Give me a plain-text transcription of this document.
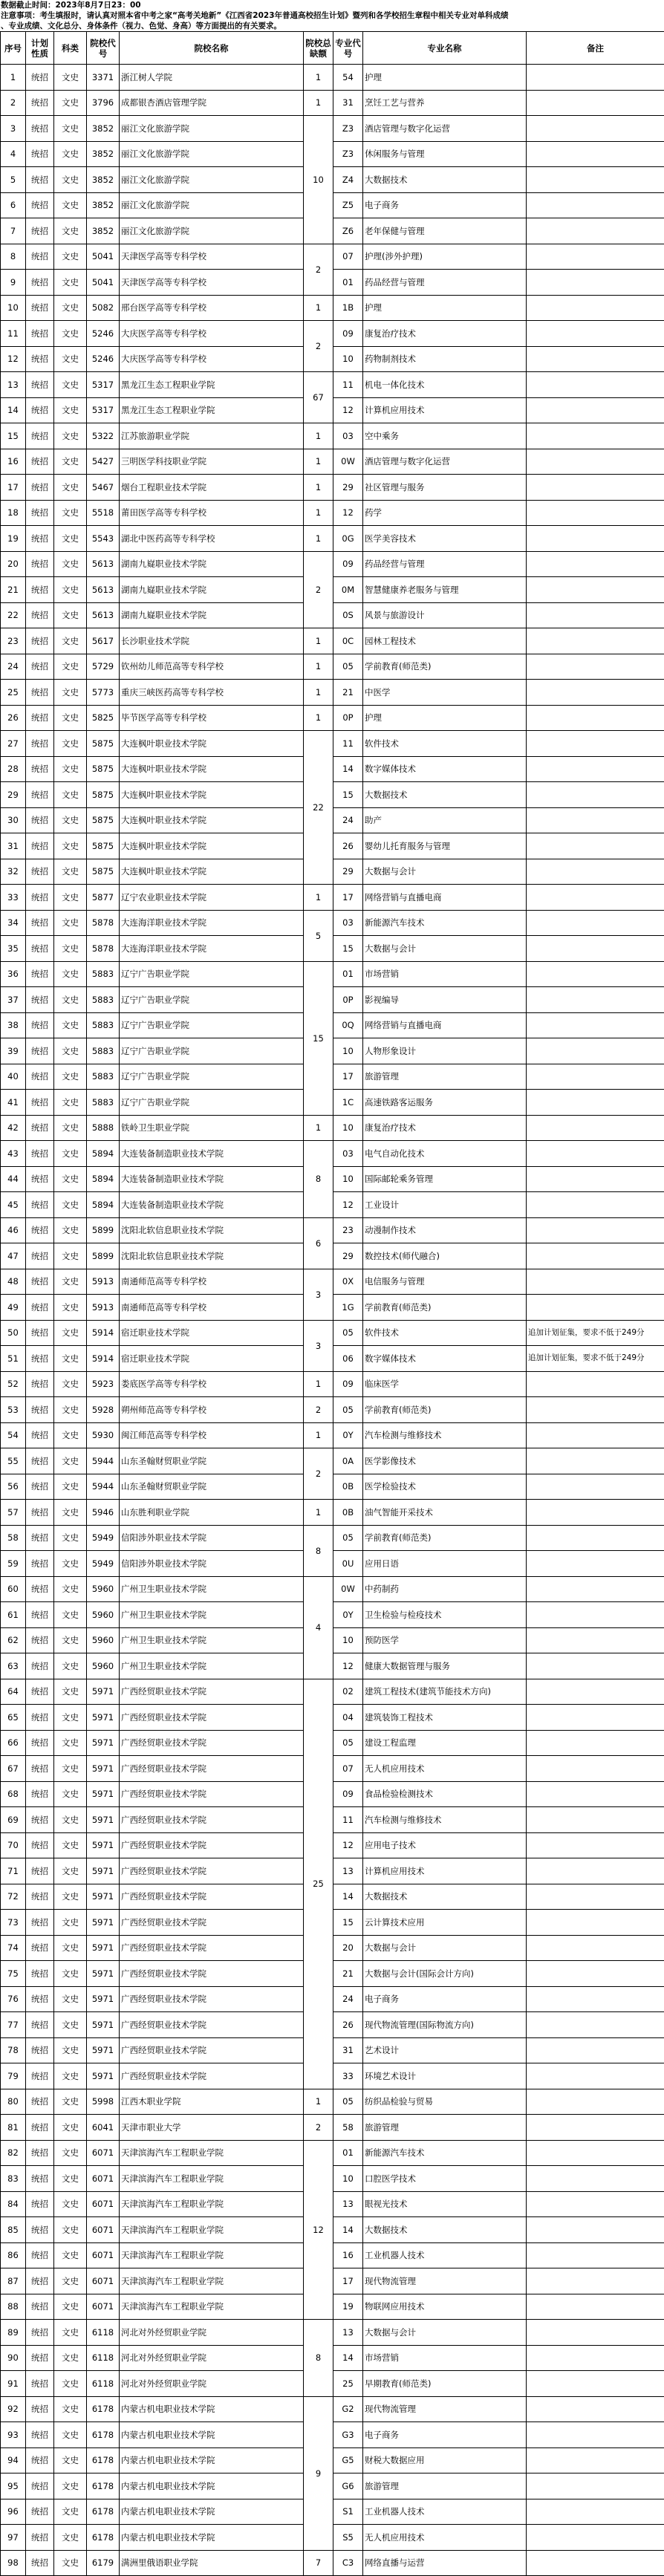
数据截止时间：2023年8月7日23：00
注意事项：考生填报时，请认真对照本省中考之家“高考关地新”《江西省2023年普通高校招生计划》暨列和各学校招生章程中相关专业对单科成绩
、专业成绩、文化总分、身体条件（视力、色觉、身高）等方面提出的有关要求。
序号	计划性质	科类	院校代号	院校名称	院校总缺额	专业代号	专业名称	备注
1	统招	文史	3371	浙江树人学院	1	54	护理	
2	统招	文史	3796	成都银杏酒店管理学院	1	31	烹饪工艺与营养	
3	统招	文史	3852	丽江文化旅游学院	10	Z3	酒店管理与数字化运营	
4	统招	文史	3852	丽江文化旅游学院		Z3	休闲服务与管理	
5	统招	文史	3852	丽江文化旅游学院		Z4	大数据技术	
6	统招	文史	3852	丽江文化旅游学院		Z5	电子商务	
7	统招	文史	3852	丽江文化旅游学院		Z6	老年保健与管理	
8	统招	文史	5041	天津医学高等专科学校	2	07	护理(涉外护理)	
9	统招	文史	5041	天津医学高等专科学校		01	药品经营与管理	
10	统招	文史	5082	邢台医学高等专科学校	1	1B	护理	
11	统招	文史	5246	大庆医学高等专科学校	2	09	康复治疗技术	
12	统招	文史	5246	大庆医学高等专科学校		10	药物制剂技术	
13	统招	文史	5317	黑龙江生态工程职业学院	67	11	机电一体化技术	
14	统招	文史	5317	黑龙江生态工程职业学院		12	计算机应用技术	
15	统招	文史	5322	江苏旅游职业学院	1	03	空中乘务	
16	统招	文史	5427	三明医学科技职业学院	1	0W	酒店管理与数字化运营	
17	统招	文史	5467	烟台工程职业技术学院	1	29	社区管理与服务	
18	统招	文史	5518	莆田医学高等专科学校	1	12	药学	
19	统招	文史	5543	湖北中医药高等专科学校	1	0G	医学美容技术	
20	统招	文史	5613	湖南九嶷职业技术学院	2	09	药品经营与管理	
21	统招	文史	5613	湖南九嶷职业技术学院		0M	智慧健康养老服务与管理	
22	统招	文史	5613	湖南九嶷职业技术学院		0S	风景与旅游设计	
23	统招	文史	5617	长沙职业技术学院	1	0C	园林工程技术	
24	统招	文史	5729	钦州幼儿师范高等专科学校	1	05	学前教育(师范类)	
25	统招	文史	5773	重庆三峡医药高等专科学校	1	21	中医学	
26	统招	文史	5825	毕节医学高等专科学校	1	0P	护理	
27	统招	文史	5875	大连枫叶职业技术学院	22	11	软件技术	
28	统招	文史	5875	大连枫叶职业技术学院		14	数字媒体技术	
29	统招	文史	5875	大连枫叶职业技术学院		15	大数据技术	
30	统招	文史	5875	大连枫叶职业技术学院		24	助产	
31	统招	文史	5875	大连枫叶职业技术学院		26	婴幼儿托育服务与管理	
32	统招	文史	5875	大连枫叶职业技术学院		29	大数据与会计	
33	统招	文史	5877	辽宁农业职业技术学院	1	17	网络营销与直播电商	
34	统招	文史	5878	大连海洋职业技术学院	5	03	新能源汽车技术	
35	统招	文史	5878	大连海洋职业技术学院		15	大数据与会计	
36	统招	文史	5883	辽宁广告职业学院	15	01	市场营销	
37	统招	文史	5883	辽宁广告职业学院		0P	影视编导	
38	统招	文史	5883	辽宁广告职业学院		0Q	网络营销与直播电商	
39	统招	文史	5883	辽宁广告职业学院		10	人物形象设计	
40	统招	文史	5883	辽宁广告职业学院		17	旅游管理	
41	统招	文史	5883	辽宁广告职业学院		1C	高速铁路客运服务	
42	统招	文史	5888	铁岭卫生职业学院	1	10	康复治疗技术	
43	统招	文史	5894	大连装备制造职业技术学院	8	03	电气自动化技术	
44	统招	文史	5894	大连装备制造职业技术学院		10	国际邮轮乘务管理	
45	统招	文史	5894	大连装备制造职业技术学院		12	工业设计	
46	统招	文史	5899	沈阳北软信息职业技术学院	6	23	动漫制作技术	
47	统招	文史	5899	沈阳北软信息职业技术学院		29	数控技术(师代融合)	
48	统招	文史	5913	南通师范高等专科学校	3	0X	电信服务与管理	
49	统招	文史	5913	南通师范高等专科学校		1G	学前教育(师范类)	
50	统招	文史	5914	宿迁职业技术学院	3	05	软件技术	追加计划征集，要求不低于249分
51	统招	文史	5914	宿迁职业技术学院		06	数字媒体技术	追加计划征集，要求不低于249分
52	统招	文史	5923	娄底医学高等专科学校	1	09	临床医学	
53	统招	文史	5928	朔州师范高等专科学校	2	05	学前教育(师范类)	
54	统招	文史	5930	闽江师范高等专科学校	1	0Y	汽车检测与维修技术	
55	统招	文史	5944	山东圣翰财贸职业学院	2	0A	医学影像技术	
56	统招	文史	5944	山东圣翰财贸职业学院		0B	医学检验技术	
57	统招	文史	5946	山东胜利职业学院	1	0B	油气智能开采技术	
58	统招	文史	5949	信阳涉外职业技术学院	8	05	学前教育(师范类)	
59	统招	文史	5949	信阳涉外职业技术学院		0U	应用日语	
60	统招	文史	5960	广州卫生职业技术学院	4	0W	中药制药	
61	统招	文史	5960	广州卫生职业技术学院		0Y	卫生检验与检疫技术	
62	统招	文史	5960	广州卫生职业技术学院		10	预防医学	
63	统招	文史	5960	广州卫生职业技术学院		12	健康大数据管理与服务	
64	统招	文史	5971	广西经贸职业技术学院	25	02	建筑工程技术(建筑节能技术方向)	
65	统招	文史	5971	广西经贸职业技术学院		04	建筑装饰工程技术	
66	统招	文史	5971	广西经贸职业技术学院		05	建设工程监理	
67	统招	文史	5971	广西经贸职业技术学院		07	无人机应用技术	
68	统招	文史	5971	广西经贸职业技术学院		09	食品检验检测技术	
69	统招	文史	5971	广西经贸职业技术学院		11	汽车检测与维修技术	
70	统招	文史	5971	广西经贸职业技术学院		12	应用电子技术	
71	统招	文史	5971	广西经贸职业技术学院		13	计算机应用技术	
72	统招	文史	5971	广西经贸职业技术学院		14	大数据技术	
73	统招	文史	5971	广西经贸职业技术学院		15	云计算技术应用	
74	统招	文史	5971	广西经贸职业技术学院		20	大数据与会计	
75	统招	文史	5971	广西经贸职业技术学院		21	大数据与会计(国际会计方向)	
76	统招	文史	5971	广西经贸职业技术学院		24	电子商务	
77	统招	文史	5971	广西经贸职业技术学院		26	现代物流管理(国际物流方向)	
78	统招	文史	5971	广西经贸职业技术学院		31	艺术设计	
79	统招	文史	5971	广西经贸职业技术学院		33	环境艺术设计	
80	统招	文史	5998	江西木职业学院	1	05	纺织品检验与贸易	
81	统招	文史	6041	天津市职业大学	2	58	旅游管理	
82	统招	文史	6071	天津滨海汽车工程职业学院	12	01	新能源汽车技术	
83	统招	文史	6071	天津滨海汽车工程职业学院		10	口腔医学技术	
84	统招	文史	6071	天津滨海汽车工程职业学院		13	眼视光技术	
85	统招	文史	6071	天津滨海汽车工程职业学院		14	大数据技术	
86	统招	文史	6071	天津滨海汽车工程职业学院		16	工业机器人技术	
87	统招	文史	6071	天津滨海汽车工程职业学院		17	现代物流管理	
88	统招	文史	6071	天津滨海汽车工程职业学院		19	物联网应用技术	
89	统招	文史	6118	河北对外经贸职业学院	8	13	大数据与会计	
90	统招	文史	6118	河北对外经贸职业学院		14	市场营销	
91	统招	文史	6118	河北对外经贸职业学院		25	早期教育(师范类)	
92	统招	文史	6178	内蒙古机电职业技术学院	9	G2	现代物流管理	
93	统招	文史	6178	内蒙古机电职业技术学院		G3	电子商务	
94	统招	文史	6178	内蒙古机电职业技术学院		G5	财税大数据应用	
95	统招	文史	6178	内蒙古机电职业技术学院		G6	旅游管理	
96	统招	文史	6178	内蒙古机电职业技术学院		S1	工业机器人技术	
97	统招	文史	6178	内蒙古机电职业技术学院		S5	无人机应用技术	
98	统招	文史	6179	满洲里俄语职业学院	7	C3	网络直播与运营	
